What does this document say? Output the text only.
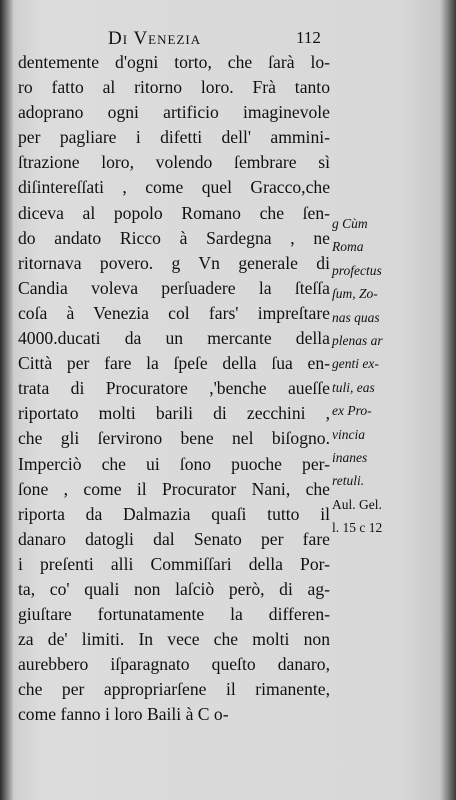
Di Venezia	112
dentemente d'ogni torto, che ſarà lo-
ro fatto al ritorno loro. Frà tanto
adoprano ogni artificio imaginevole
per pagliare i difetti dell' ammini-
ſtrazione loro, volendo ſembrare sì
diſintereſſati , come quel Gracco,che
diceva al popolo Romano che ſen-
do andato Ricco à Sardegna , ne
ritornava povero. g Vn generale di
Candia voleva perſuadere la ſteſſa
coſa à Venezia col fars' impreſtare
4000.ducati da un mercante della
Città per fare la ſpeſe della ſua en-
trata di Procuratore ,'benche aueſſe
riportato molti barili di zecchini ,
che gli ſervirono bene nel biſogno.
Imperciò che ui ſono puoche per-
ſone , come il Procurator Nani, che
riporta da Dalmazia quaſi tutto il
danaro datogli dal Senato per fare
i preſenti alli Commiſſari della Por-
ta, co' quali non laſciò però, di ag-
giuſtare fortunatamente la differen-
za de' limiti. In vece che molti non
aurebbero iſparagnato queſto danaro,
che per appropriarſene il rimanente,
come fanno i loro Baili à C o-
g Cùm
Roma
profectus
ſum, Zo-
nas quas
plenas ar
genti ex-
tuli, eas
ex Pro-
vincia
inanes
retuli.
Aul. Gel.
l. 15 c 12
